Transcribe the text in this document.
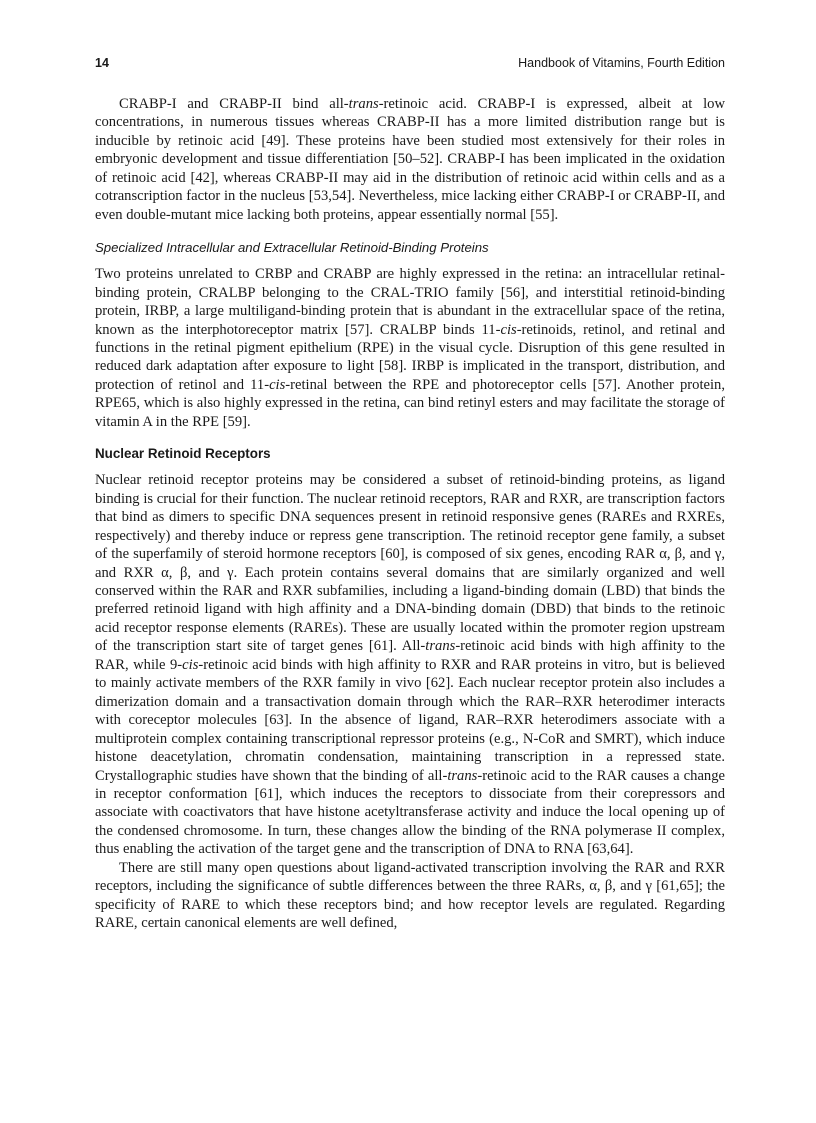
14	Handbook of Vitamins, Fourth Edition

CRABP-I and CRABP-II bind all-trans-retinoic acid. CRABP-I is expressed, albeit at low concentrations, in numerous tissues whereas CRABP-II has a more limited distribution range but is inducible by retinoic acid [49]. These proteins have been studied most extensively for their roles in embryonic development and tissue differentiation [50–52]. CRABP-I has been implicated in the oxidation of retinoic acid [42], whereas CRABP-II may aid in the distribution of retinoic acid within cells and as a cotranscription factor in the nucleus [53,54]. Nevertheless, mice lacking either CRABP-I or CRABP-II, and even double-mutant mice lacking both proteins, appear essentially normal [55].

Specialized Intracellular and Extracellular Retinoid-Binding Proteins

Two proteins unrelated to CRBP and CRABP are highly expressed in the retina: an intracellular retinal-binding protein, CRALBP belonging to the CRAL-TRIO family [56], and interstitial retinoid-binding protein, IRBP, a large multiligand-binding protein that is abundant in the extracellular space of the retina, known as the interphotoreceptor matrix [57]. CRALBP binds 11-cis-retinoids, retinol, and retinal and functions in the retinal pigment epithelium (RPE) in the visual cycle. Disruption of this gene resulted in reduced dark adaptation after exposure to light [58]. IRBP is implicated in the transport, distribution, and protection of retinol and 11-cis-retinal between the RPE and photoreceptor cells [57]. Another protein, RPE65, which is also highly expressed in the retina, can bind retinyl esters and may facilitate the storage of vitamin A in the RPE [59].

Nuclear Retinoid Receptors

Nuclear retinoid receptor proteins may be considered a subset of retinoid-binding proteins, as ligand binding is crucial for their function. The nuclear retinoid receptors, RAR and RXR, are transcription factors that bind as dimers to specific DNA sequences present in retinoid responsive genes (RAREs and RXREs, respectively) and thereby induce or repress gene transcription. The retinoid receptor gene family, a subset of the superfamily of steroid hormone receptors [60], is composed of six genes, encoding RAR α, β, and γ, and RXR α, β, and γ. Each protein contains several domains that are similarly organized and well conserved within the RAR and RXR subfamilies, including a ligand-binding domain (LBD) that binds the preferred retinoid ligand with high affinity and a DNA-binding domain (DBD) that binds to the retinoic acid receptor response elements (RAREs). These are usually located within the promoter region upstream of the transcription start site of target genes [61]. All-trans-retinoic acid binds with high affinity to the RAR, while 9-cis-retinoic acid binds with high affinity to RXR and RAR proteins in vitro, but is believed to mainly activate members of the RXR family in vivo [62]. Each nuclear receptor protein also includes a dimerization domain and a transactivation domain through which the RAR–RXR heterodimer interacts with coreceptor molecules [63]. In the absence of ligand, RAR–RXR heterodimers associate with a multiprotein complex containing transcriptional repressor proteins (e.g., N-CoR and SMRT), which induce histone deacetylation, chromatin condensation, maintaining transcription in a repressed state. Crystallographic studies have shown that the binding of all-trans-retinoic acid to the RAR causes a change in receptor conformation [61], which induces the receptors to dissociate from their corepressors and associate with coactivators that have histone acetyltransferase activity and induce the local opening up of the condensed chromosome. In turn, these changes allow the binding of the RNA polymerase II complex, thus enabling the activation of the target gene and the transcription of DNA to RNA [63,64].

There are still many open questions about ligand-activated transcription involving the RAR and RXR receptors, including the significance of subtle differences between the three RARs, α, β, and γ [61,65]; the specificity of RARE to which these receptors bind; and how receptor levels are regulated. Regarding RARE, certain canonical elements are well defined,
